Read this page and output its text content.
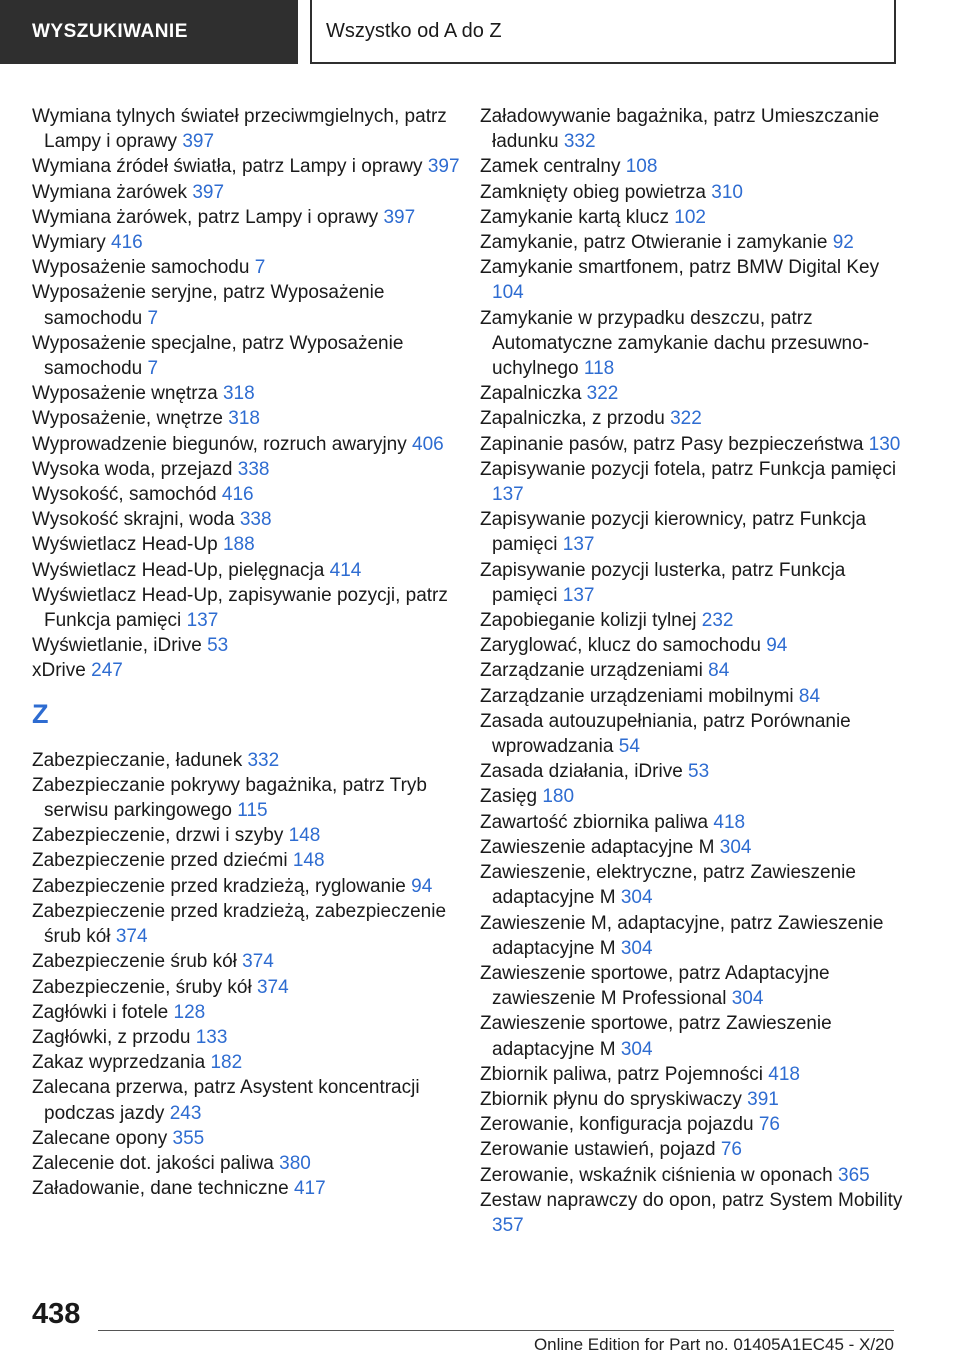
WYSZUKIWANIE	Wszystko od A do Z
Wymiana tylnych świateł przeciwmgielnych, patrz Lampy i oprawy 397
Wymiana źródeł światła, patrz Lampy i oprawy 397
Wymiana żarówek 397
Wymiana żarówek, patrz Lampy i oprawy 397
Wymiary 416
Wyposażenie samochodu 7
Wyposażenie seryjne, patrz Wyposażenie samochodu 7
Wyposażenie specjalne, patrz Wyposażenie samochodu 7
Wyposażenie wnętrza 318
Wyposażenie, wnętrze 318
Wyprowadzenie biegunów, rozruch awaryjny 406
Wysoka woda, przejazd 338
Wysokość, samochód 416
Wysokość skrajni, woda 338
Wyświetlacz Head-Up 188
Wyświetlacz Head-Up, pielęgnacja 414
Wyświetlacz Head-Up, zapisywanie pozycji, patrz Funkcja pamięci 137
Wyświetlanie, iDrive 53
xDrive 247
Z
Zabezpieczanie, ładunek 332
Zabezpieczanie pokrywy bagażnika, patrz Tryb serwisu parkingowego 115
Zabezpieczenie, drzwi i szyby 148
Zabezpieczenie przed dziećmi 148
Zabezpieczenie przed kradzieżą, ryglowanie 94
Zabezpieczenie przed kradzieżą, zabezpieczenie śrub kół 374
Zabezpieczenie śrub kół 374
Zabezpieczenie, śruby kół 374
Zagłówki i fotele 128
Zagłówki, z przodu 133
Zakaz wyprzedzania 182
Zalecana przerwa, patrz Asystent koncentracji podczas jazdy 243
Zalecane opony 355
Zalecenie dot. jakości paliwa 380
Załadowanie, dane techniczne 417
Załadowywanie bagażnika, patrz Umieszczanie ładunku 332
Zamek centralny 108
Zamknięty obieg powietrza 310
Zamykanie kartą klucz 102
Zamykanie, patrz Otwieranie i zamykanie 92
Zamykanie smartfonem, patrz BMW Digital Key 104
Zamykanie w przypadku deszczu, patrz Automatyczne zamykanie dachu przesuwno-uchylnego 118
Zapalniczka 322
Zapalniczka, z przodu 322
Zapinanie pasów, patrz Pasy bezpieczeństwa 130
Zapisywanie pozycji fotela, patrz Funkcja pamięci 137
Zapisywanie pozycji kierownicy, patrz Funkcja pamięci 137
Zapisywanie pozycji lusterka, patrz Funkcja pamięci 137
Zapobieganie kolizji tylnej 232
Zaryglować, klucz do samochodu 94
Zarządzanie urządzeniami 84
Zarządzanie urządzeniami mobilnymi 84
Zasada autouzupełniania, patrz Porównanie wprowadzania 54
Zasada działania, iDrive 53
Zasięg 180
Zawartość zbiornika paliwa 418
Zawieszenie adaptacyjne M 304
Zawieszenie, elektryczne, patrz Zawieszenie adaptacyjne M 304
Zawieszenie M, adaptacyjne, patrz Zawieszenie adaptacyjne M 304
Zawieszenie sportowe, patrz Adaptacyjne zawieszenie M Professional 304
Zawieszenie sportowe, patrz Zawieszenie adaptacyjne M 304
Zbiornik paliwa, patrz Pojemności 418
Zbiornik płynu do spryskiwaczy 391
Zerowanie, konfiguracja pojazdu 76
Zerowanie ustawień, pojazd 76
Zerowanie, wskaźnik ciśnienia w oponach 365
Zestaw naprawczy do opon, patrz System Mobility 357
438
Online Edition for Part no. 01405A1EC45 - X/20
